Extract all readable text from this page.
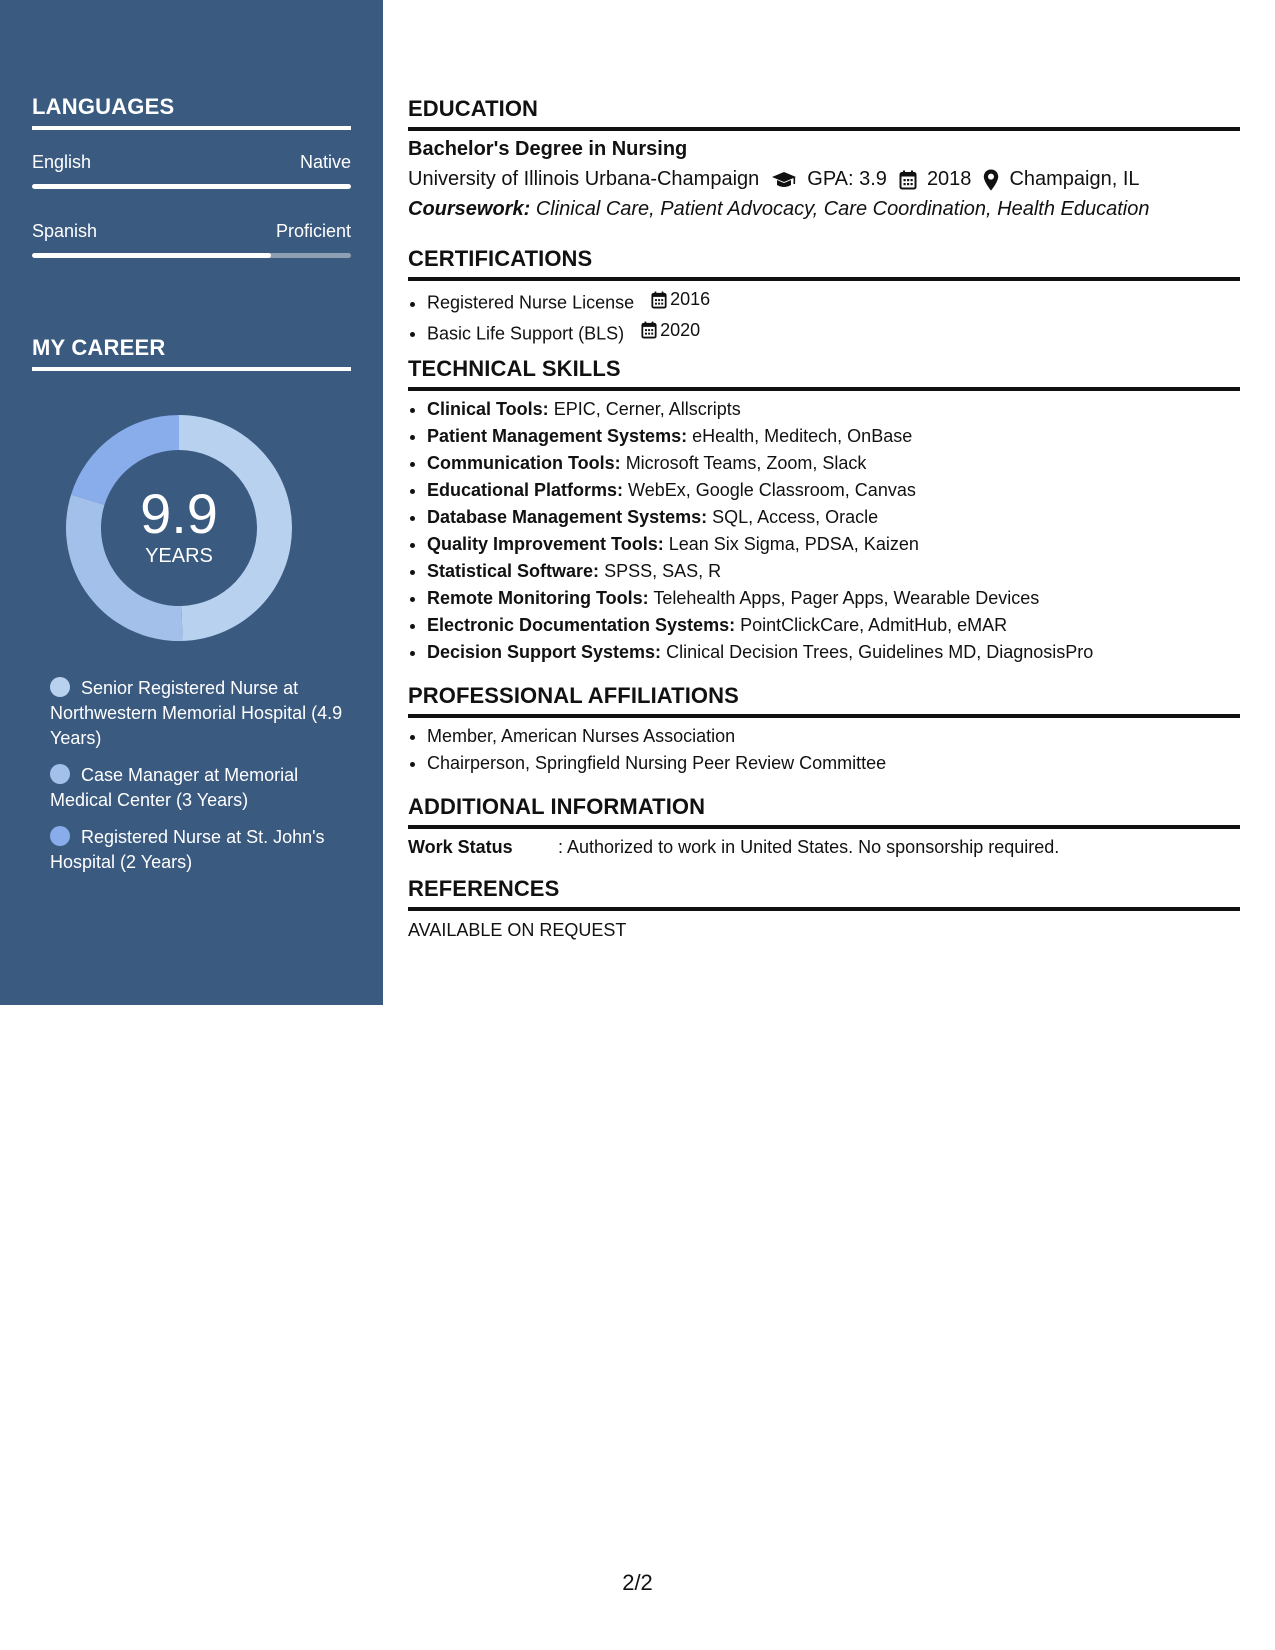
LANGUAGES
English	Native
Spanish	Proficient
MY CAREER
9.9
YEARS
Senior Registered Nurse at Northwestern Memorial Hospital (4.9 Years)
Case Manager at Memorial Medical Center (3 Years)
Registered Nurse at St. John's Hospital (2 Years)
EDUCATION
Bachelor's Degree in Nursing
University of Illinois Urbana-Champaign GPA: 3.9 2018 Champaign, IL
Coursework: Clinical Care, Patient Advocacy, Care Coordination, Health Education
CERTIFICATIONS
• Registered Nurse License 2016
• Basic Life Support (BLS) 2020
TECHNICAL SKILLS
• Clinical Tools: EPIC, Cerner, Allscripts
• Patient Management Systems: eHealth, Meditech, OnBase
• Communication Tools: Microsoft Teams, Zoom, Slack
• Educational Platforms: WebEx, Google Classroom, Canvas
• Database Management Systems: SQL, Access, Oracle
• Quality Improvement Tools: Lean Six Sigma, PDSA, Kaizen
• Statistical Software: SPSS, SAS, R
• Remote Monitoring Tools: Telehealth Apps, Pager Apps, Wearable Devices
• Electronic Documentation Systems: PointClickCare, AdmitHub, eMAR
• Decision Support Systems: Clinical Decision Trees, Guidelines MD, DiagnosisPro
PROFESSIONAL AFFILIATIONS
• Member, American Nurses Association
• Chairperson, Springfield Nursing Peer Review Committee
ADDITIONAL INFORMATION
Work Status	: Authorized to work in United States. No sponsorship required.
REFERENCES
AVAILABLE ON REQUEST
2/2
